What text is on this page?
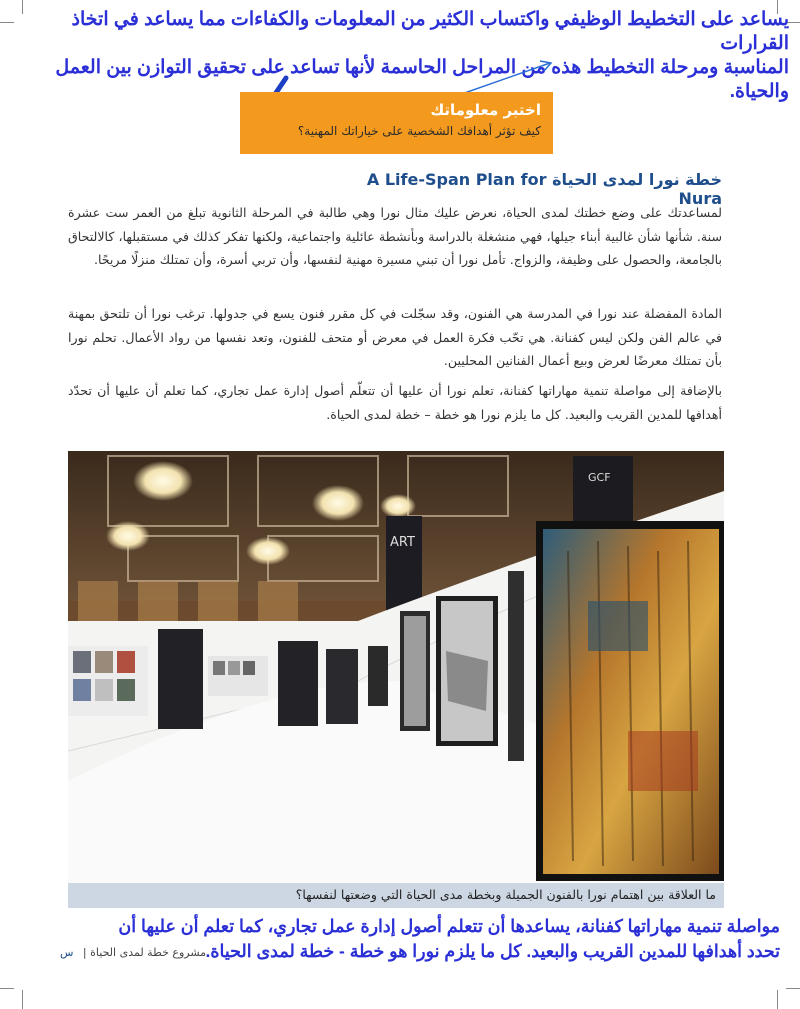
يساعد على التخطيط الوظيفي واكتساب الكثير من المعلومات والكفاءات مما يساعد في اتخاذ القرارات
المناسبة ومرحلة التخطيط هذه من المراحل الحاسمة لأنها تساعد على تحقيق التوازن بين العمل
والحياة.
اختبر معلوماتك
كيف تؤثر أهدافك الشخصية على خياراتك المهنية؟
خطة نورا لمدى الحياة A Life-Span Plan for Nura
لمساعدتك على وضع خطتك لمدى الحياة، نعرض عليك مثال نورا وهي طالبة في المرحلة الثانوية تبلغ من العمر ست عشرة سنة. شأنها شأن غالبية أبناء جيلها، فهي منشغلة بالدراسة وبأنشطة عائلية واجتماعية، ولكنها تفكر كذلك في مستقبلها، كالالتحاق بالجامعة، والحصول على وظيفة، والزواج. تأمل نورا أن تبني مسيرة مهنية لنفسها، وأن تربي أسرة، وأن تمتلك منزلًا مريحًا.
المادة المفضلة عند نورا في المدرسة هي الفنون، وقد سجّلت في كل مقرر فنون يسع في جدولها. ترغب نورا أن تلتحق بمهنة في عالم الفن ولكن ليس كفنانة. هي تحّب فكرة العمل في معرض أو متحف للفنون، وتعد نفسها من رواد الأعمال. تحلم نورا بأن تمتلك معرضًا لعرض وبيع أعمال الفنانين المحليين.
بالإضافة إلى مواصلة تنمية مهاراتها كفنانة، تعلم نورا أن عليها أن تتعلّم أصول إدارة عمل تجاري، كما تعلم أن عليها أن تحدّد أهدافها للمدين القريب والبعيد. كل ما يلزم نورا هو خطة – خطة لمدى الحياة.
ART
GCF
ما العلاقة بين اهتمام نورا بالفنون الجميلة وبخطة مدى الحياة التي وضعتها لنفسها؟
مواصلة تنمية مهاراتها كفنانة، يساعدها أن تتعلم أصول إدارة عمل تجاري، كما تعلم أن عليها أن
تحدد أهدافها للمدين القريب والبعيد. كل ما يلزم نورا هو خطة - خطة لمدى الحياة.
مشروع خطة لمدى الحياة | س
